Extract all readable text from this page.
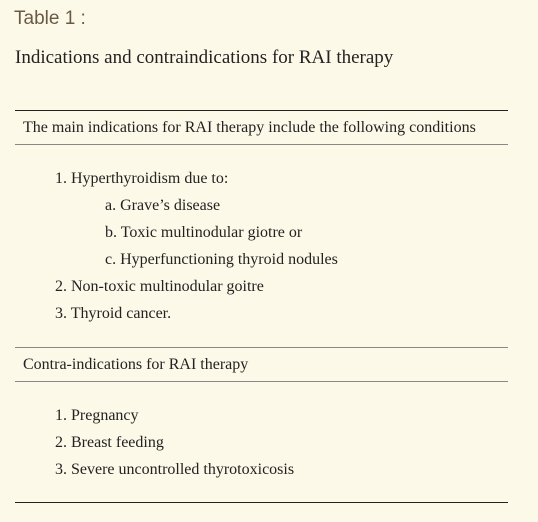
Table 1 :
Indications and contraindications for RAI therapy
The main indications for RAI therapy include the following conditions
1. Hyperthyroidism due to:
a. Grave’s disease
b. Toxic multinodular giotre or
c. Hyperfunctioning thyroid nodules
2. Non-toxic multinodular goitre
3. Thyroid cancer.
Contra-indications for RAI therapy
1. Pregnancy
2. Breast feeding
3. Severe uncontrolled thyrotoxicosis
